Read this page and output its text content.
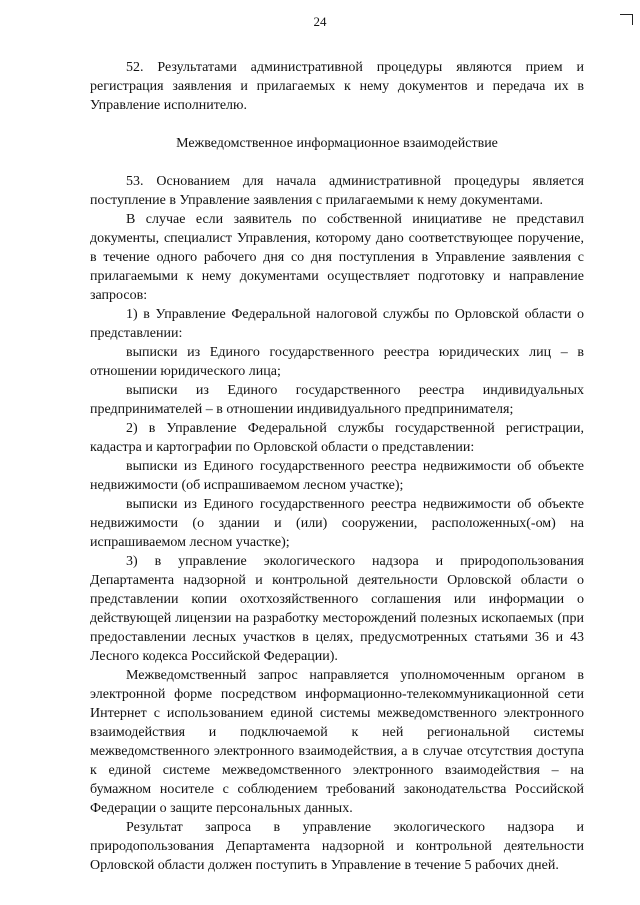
24

52. Результатами административной процедуры являются прием и регистрация заявления и прилагаемых к нему документов и передача их в Управление исполнителю.

Межведомственное информационное взаимодействие

53. Основанием для начала административной процедуры является поступление в Управление заявления с прилагаемыми к нему документами.

В случае если заявитель по собственной инициативе не представил документы, специалист Управления, которому дано соответствующее поручение, в течение одного рабочего дня со дня поступления в Управление заявления с прилагаемыми к нему документами осуществляет подготовку и направление запросов:

1) в Управление Федеральной налоговой службы по Орловской области о представлении:

выписки из Единого государственного реестра юридических лиц – в отношении юридического лица;

выписки из Единого государственного реестра индивидуальных предпринимателей – в отношении индивидуального предпринимателя;

2) в Управление Федеральной службы государственной регистрации, кадастра и картографии по Орловской области о представлении:

выписки из Единого государственного реестра недвижимости об объекте недвижимости (об испрашиваемом лесном участке);

выписки из Единого государственного реестра недвижимости об объекте недвижимости (о здании и (или) сооружении, расположенных(-ом) на испрашиваемом лесном участке);

3) в управление экологического надзора и природопользования Департамента надзорной и контрольной деятельности Орловской области о представлении копии охотхозяйственного соглашения или информации о действующей лицензии на разработку месторождений полезных ископаемых (при предоставлении лесных участков в целях, предусмотренных статьями 36 и 43 Лесного кодекса Российской Федерации).

Межведомственный запрос направляется уполномоченным органом в электронной форме посредством информационно-телекоммуникационной сети Интернет с использованием единой системы межведомственного электронного взаимодействия и подключаемой к ней региональной системы межведомственного электронного взаимодействия, а в случае отсутствия доступа к единой системе межведомственного электронного взаимодействия – на бумажном носителе с соблюдением требований законодательства Российской Федерации о защите персональных данных.

Результат запроса в управление экологического надзора и природопользования Департамента надзорной и контрольной деятельности Орловской области должен поступить в Управление в течение 5 рабочих дней.
